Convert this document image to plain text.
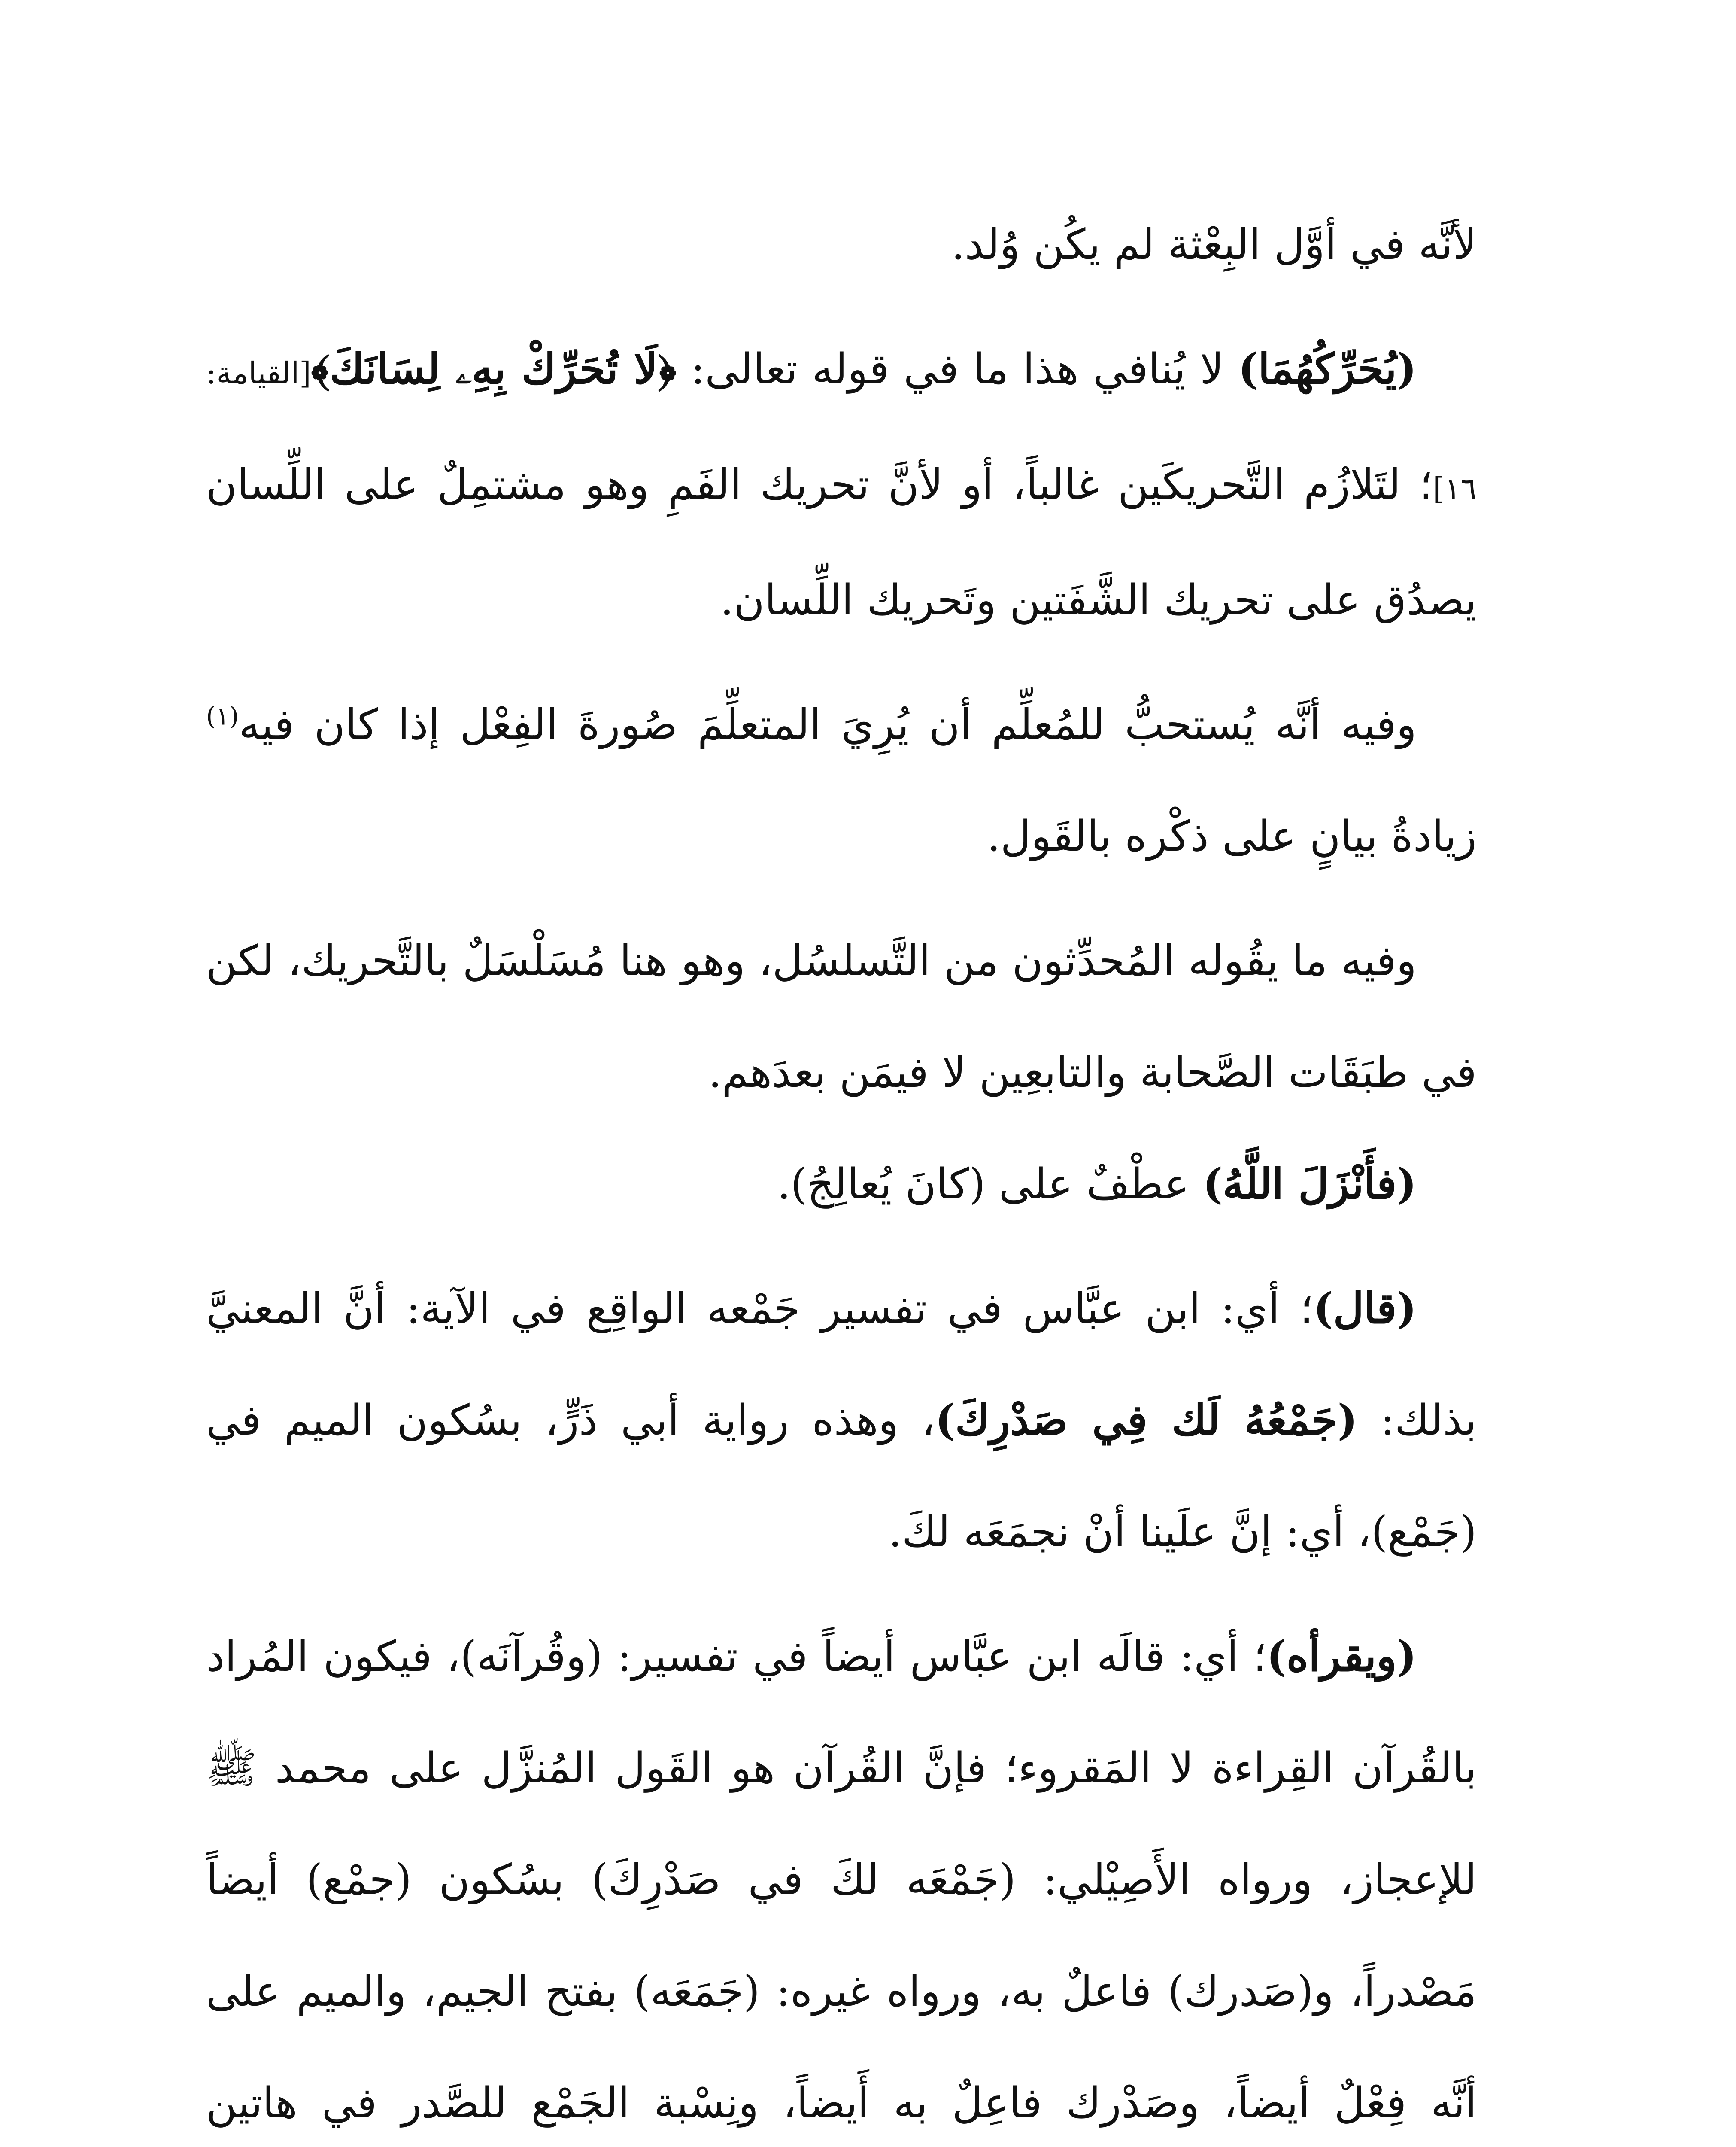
لأنَّه في أوَّل البِعْثة لم يكُن وُلد.

(يُحَرِّكُهُمَا) لا يُنافي هذا ما في قوله تعالى: ﴿لَا تُحَرِّكْ بِهِۦ لِسَانَكَ﴾[القيامة: ١٦]؛ لتَلازُم التَّحريكَين غالباً، أو لأنَّ تحريك الفَمِ وهو مشتمِلٌ على اللِّسان يصدُق على تحريك الشَّفَتين وتَحريك اللِّسان.

وفيه أنَّه يُستحبُّ للمُعلِّم أن يُرِيَ المتعلِّمَ صُورةَ الفِعْل إذا كان فيه$^{(١)}$ زيادةُ بيانٍ على ذكْره بالقَول.

وفيه ما يقُوله المُحدِّثون من التَّسلسُل، وهو هنا مُسَلْسَلٌ بالتَّحريك، لكن في طبَقَات الصَّحابة والتابعِين لا فيمَن بعدَهم.

(فأَنْزَلَ اللَّهُ) عطْفٌ على (كانَ يُعالِجُ).

(قال)؛ أي: ابن عبَّاس في تفسير جَمْعه الواقِع في الآية: أنَّ المعنيَّ بذلك: (جَمْعُهُ لَك فِي صَدْرِكَ)، وهذه رواية أبي ذَرٍّ، بسُكون الميم في (جَمْع)، أي: إنَّ علَينا أنْ نجمَعَه لكَ.

(ويقرأه)؛ أي: قالَه ابن عبَّاس أيضاً في تفسير: (وقُرآنَه)، فيكون المُراد بالقُرآن القِراءة لا المَقروء؛ فإنَّ القُرآن هو القَول المُنزَّل على محمد ﷺ للإعجاز، ورواه الأَصِيْلي: (جَمْعَه لكَ في صَدْرِكَ) بسُكون (جمْع) أيضاً مَصْدراً، و(صَدرك) فاعلٌ به، ورواه غيره: (جَمَعَه) بفتح الجيم، والميم على أنَّه فِعْلٌ أيضاً، وصَدْرك فاعِلٌ به أَيضاً، ونِسْبة الجَمْع للصَّدر في هاتين
